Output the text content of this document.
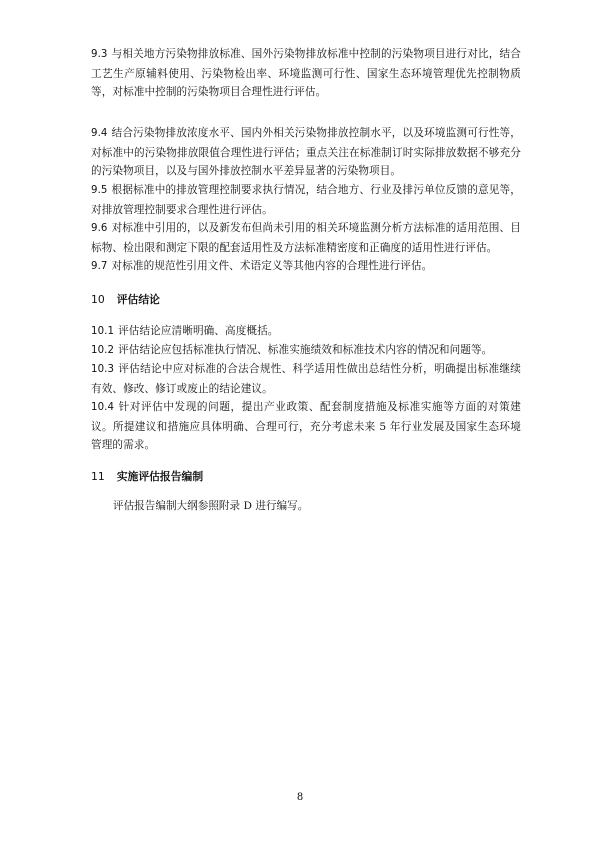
9.3 与相关地方污染物排放标准、国外污染物排放标准中控制的污染物项目进行对比，结合工艺生产原辅料使用、污染物检出率、环境监测可行性、国家生态环境管理优先控制物质等，对标准中控制的污染物项目合理性进行评估。

9.4 结合污染物排放浓度水平、国内外相关污染物排放控制水平，以及环境监测可行性等，对标准中的污染物排放限值合理性进行评估；重点关注在标准制订时实际排放数据不够充分的污染物项目，以及与国外排放控制水平差异显著的污染物项目。

9.5 根据标准中的排放管理控制要求执行情况，结合地方、行业及排污单位反馈的意见等，对排放管理控制要求合理性进行评估。

9.6 对标准中引用的，以及新发布但尚未引用的相关环境监测分析方法标准的适用范围、目标物、检出限和测定下限的配套适用性及方法标准精密度和正确度的适用性进行评估。

9.7 对标准的规范性引用文件、术语定义等其他内容的合理性进行评估。

10 评估结论

10.1 评估结论应清晰明确、高度概括。

10.2 评估结论应包括标准执行情况、标准实施绩效和标准技术内容的情况和问题等。

10.3 评估结论中应对标准的合法合规性、科学适用性做出总结性分析，明确提出标准继续有效、修改、修订或废止的结论建议。

10.4 针对评估中发现的问题，提出产业政策、配套制度措施及标准实施等方面的对策建议。所提建议和措施应具体明确、合理可行，充分考虑未来 5 年行业发展及国家生态环境管理的需求。

11 实施评估报告编制

评估报告编制大纲参照附录 D 进行编写。

8
